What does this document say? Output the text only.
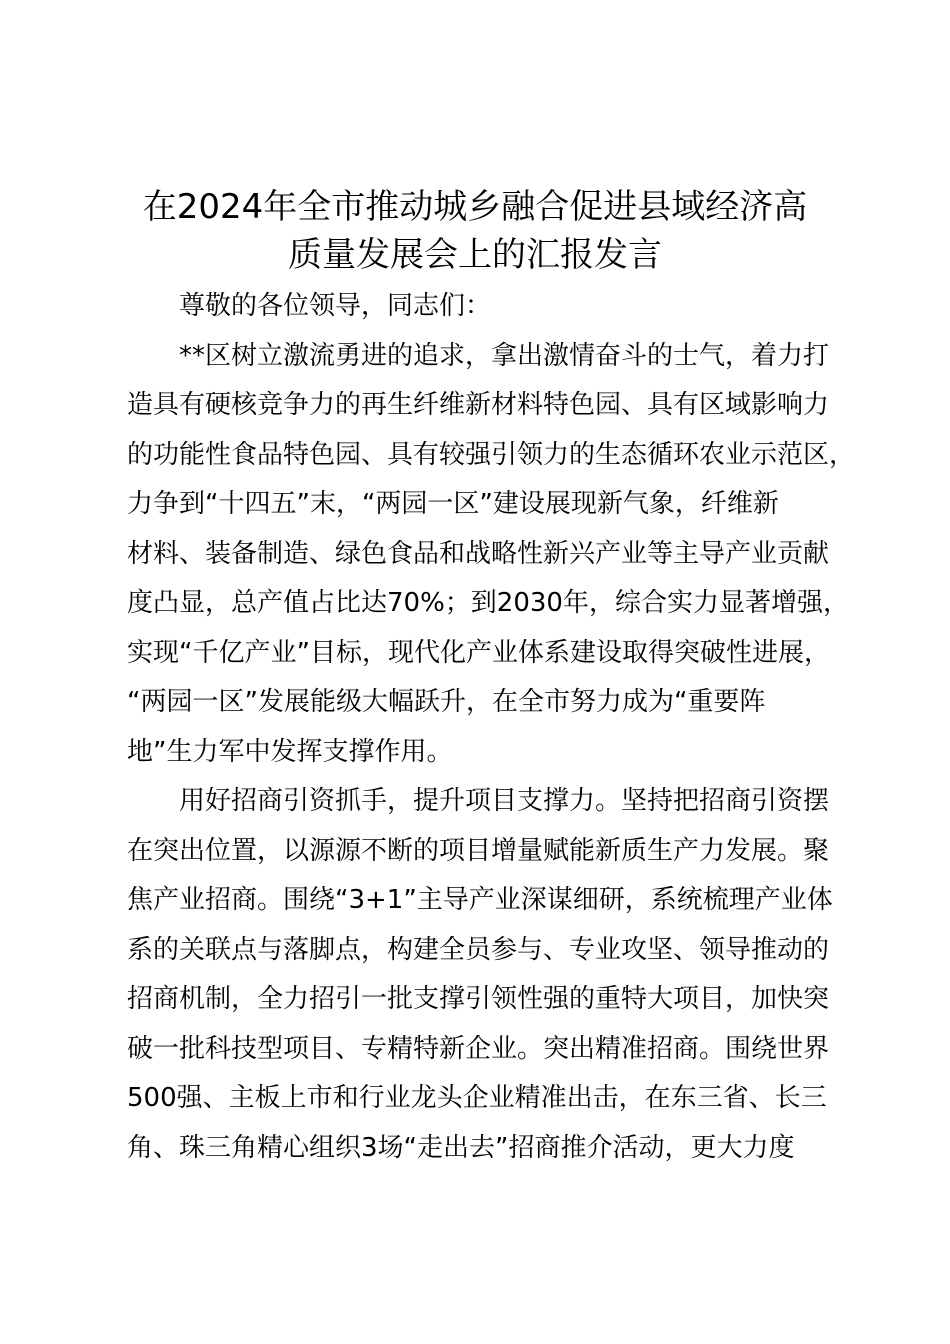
在2024年全市推动城乡融合促进县域经济高
质量发展会上的汇报发言
尊敬的各位领导，同志们：
**区树立激流勇进的追求，拿出激情奋斗的士气，着力打
造具有硬核竞争力的再生纤维新材料特色园、具有区域影响力
的功能性食品特色园、具有较强引领力的生态循环农业示范区，
力争到“十四五”末，“两园一区”建设展现新气象，纤维新
材料、装备制造、绿色食品和战略性新兴产业等主导产业贡献
度凸显，总产值占比达70%；到2030年，综合实力显著增强，
实现“千亿产业”目标，现代化产业体系建设取得突破性进展，
“两园一区”发展能级大幅跃升，在全市努力成为“重要阵
地”生力军中发挥支撑作用。
用好招商引资抓手，提升项目支撑力。坚持把招商引资摆
在突出位置，以源源不断的项目增量赋能新质生产力发展。聚
焦产业招商。围绕“3+1”主导产业深谋细研，系统梳理产业体
系的关联点与落脚点，构建全员参与、专业攻坚、领导推动的
招商机制，全力招引一批支撑引领性强的重特大项目，加快突
破一批科技型项目、专精特新企业。突出精准招商。围绕世界
500强、主板上市和行业龙头企业精准出击，在东三省、长三
角、珠三角精心组织3场“走出去”招商推介活动，更大力度
